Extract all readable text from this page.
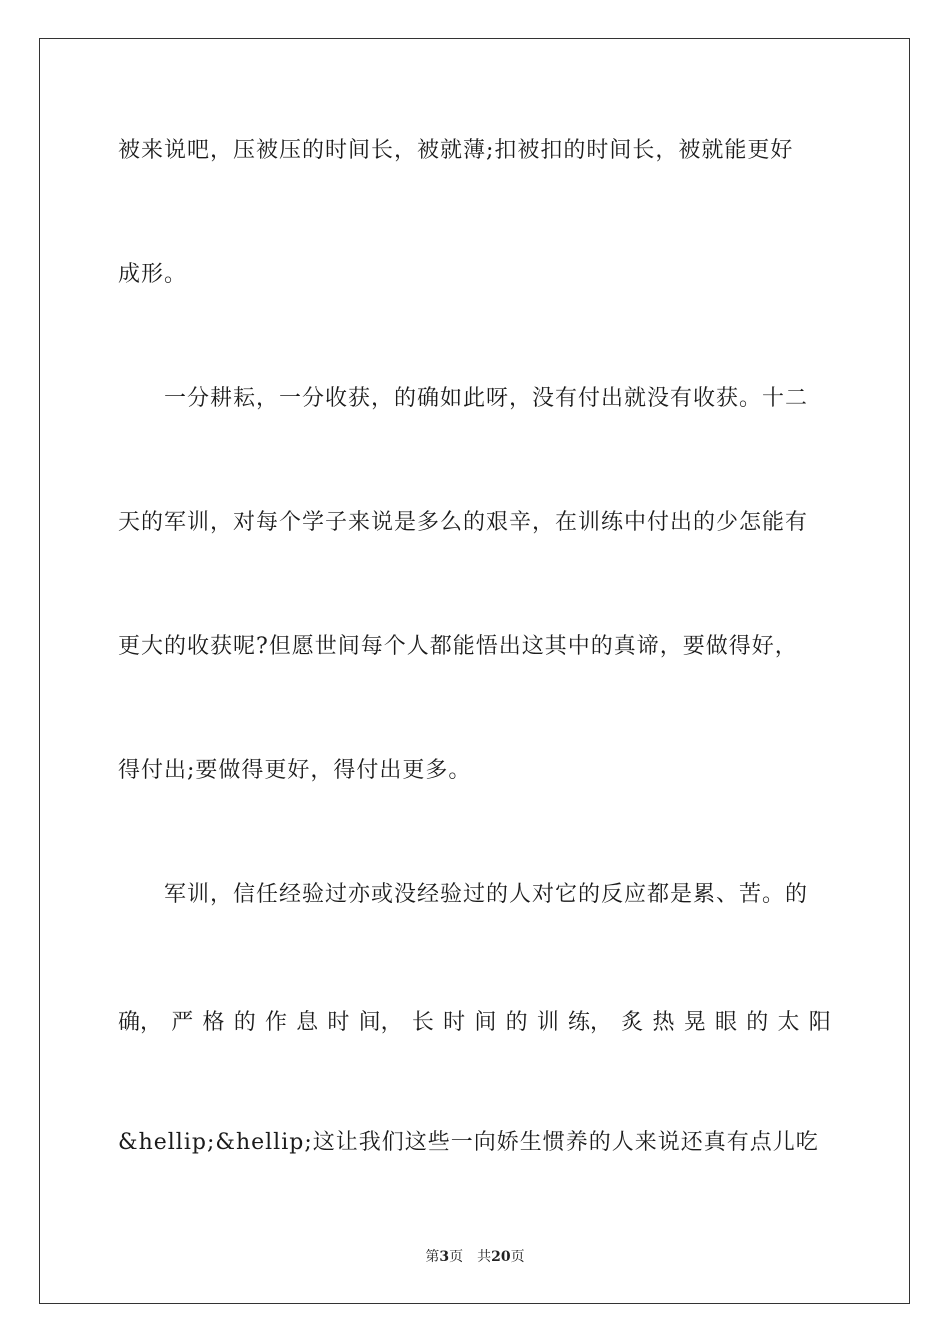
被来说吧，压被压的时间长，被就薄;扣被扣的时间长，被就能更好
成形。
一分耕耘，一分收获，的确如此呀，没有付出就没有收获。十二
天的军训，对每个学子来说是多么的艰辛，在训练中付出的少怎能有
更大的收获呢?但愿世间每个人都能悟出这其中的真谛，要做得好，
得付出;要做得更好，得付出更多。
军训，信任经验过亦或没经验过的人对它的反应都是累、苦。的
确， 严 格 的 作 息 时 间， 长 时 间 的 训 练， 炙 热 晃 眼 的 太 阳
&hellip;&hellip;这让我们这些一向娇生惯养的人来说还真有点儿吃
第3页 共20页
